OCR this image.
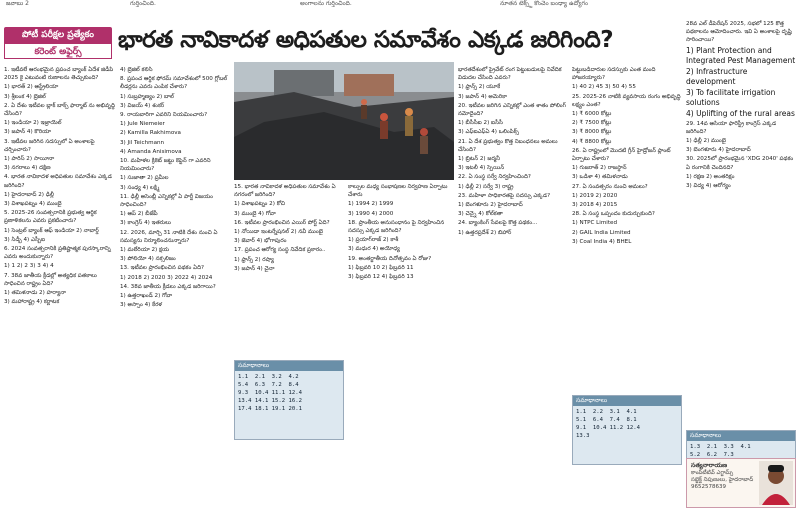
జవాబు 2	గుర్తించింది.	అంగాలను గుర్తించింది.	నూతన టెక్స్ట్ కొంచెం బంధ్యా ఉద్యోగం
పోటీ పరీక్షల ప్రత్యేకం
కరెంట్ అఫైర్స్	భారత నావికాదళ అధిపతుల సమావేశం ఎక్కడ జరిగింది?

1. ఇటీవలే ఆరంభమైన ప్రపంచ బ్యాంక్ ఏదేశ జిడీపి 2025 కై ఎటువంటి రుణాలను తెచ్చుకుంది?

1) భారత్ 2) ఆస్ట్రేలియా

3) శ్రీలంక 4) బ్రెజిల్

2. ఏ దేశం ఇటీవల బ్లాక్ బాక్స్ ఫార్మాట్ ను అభివృద్ధి చేసింది?

1) ఇండియా 2) ఇజ్రాయెల్

3) జపాన్ 4) కొరియా

3. ఇటీవల జరిగిన సదస్సులో ఏ అంశాలపై చర్చించారు?

1) పారిస్ 2) సాయీనా

3) నగరాలు 4) దక్షిణ

4. భారత నావికాదళ అధిపతుల సమావేశం ఎక్కడ జరిగింది?

1) హైదరాబాద్ 2) ఢిల్లీ

3) విశాఖపట్నం 4) ముంబై

5. 2025-26 సంవత్సరానికి ప్రభుత్వ ఆర్థిక ప్రణాళికలను ఎవరు ప్రకటించారు?

1) సెంట్రల్ బ్యాంక్ ఆఫ్ ఇండియా 2) నాబార్డ్

3) సిడ్బీ 4) ఎస్బీఐ

6. 2024 సంవత్సరానికి ప్రతిష్టాత్మక పురస్కారాన్ని ఎవరు అందుకున్నారు?

1) 1 2) 2 3) 3 4) 4

7. 38వ జాతీయ క్రీడల్లో అత్యధిక పతకాలు సాధించిన రాష్ట్రం ఏది?

1) తమిళనాడు 2) హర్యానా

3) మహారాష్ట్ర 4) కర్ణాటక

4) బ్రెజిల్ కలిసి

8. ప్రపంచ ఆర్థిక ఫోరమ్ సమావేశంలో 500 గ్లోబల్ లీడర్లను ఎవరు ఎంపిక చేశారు?

1) సుబ్రహ్మణ్యం 2) బాల్

3) విజయ్ 4) శంకర్

9. రాయబారిగా ఎవరిని నియమించారు?

1) Jule Niemeier

2) Kamilla Rakhimova

3) Jil Teichmann

4) Amanda Anisimova

10. మహిళల క్రికెట్ జట్టు కెప్టెన్ గా ఎవరిని నియమించారు?

1) సుజాతా 2) ప్రమీల

3) సంధ్య 4) లక్ష్మి

11. ఢిల్లీ అసెంబ్లీ ఎన్నికల్లో ఏ పార్టీ విజయం సాధించింది?

1) ఆప్ 2) బీజేపీ

3) కాంగ్రెస్ 4) ఇతరులు

12. 2026, మార్చి 31 నాటికి దేశం నుంచి ఏ సమస్యను నిర్మూలించనున్నారు?

1) మలేరియా 2) క్షయ

3) పోలియో 4) నక్సలిజం

13. ఇటీవల ప్రారంభించిన పథకం ఏది?

1) 2018 2) 2020 3) 2022 4) 2024

14. 38వ జాతీయ క్రీడలు ఎక్కడ జరిగాయి?

1) ఉత్తరాఖండ్ 2) గోవా

3) అస్సాం 4) కేరళ

15. భారత నావికాదళ అధిపతుల సమావేశం ఏ నగరంలో జరిగింది?

1) విశాఖపట్నం 2) కోచి

3) ముంబై 4) గోవా

16. ఇటీవల ప్రారంభించిన ఎయిర్ పోర్ట్ ఏది?

1) నోయిడా ఇంటర్నేషనల్ 2) నవీ ముంబై

3) జెవార్ 4) భోగాపురం

17. ప్రపంచ ఆరోగ్య సంస్థ నివేదిక ప్రకారం..

1) ఫ్రాన్స్ 2) రష్యా

3) జపాన్ 4) చైనా

కాల్పుల మధ్య సంభాషణల నిర్వహణ ఏర్పాటు చేశారు

1) 1994 2) 1999

3) 1990 4) 2000

18. ప్రాంతీయ అనుసంధానం పై నిర్వహించిన సదస్సు ఎక్కడ జరిగింది?

1) ప్రయాగ్‌రాజ్ 2) కాశీ

3) మధుర 4) అయోధ్య

19. అంతర్జాతీయ దినోత్సవం ఏ రోజు?

1) ఫిబ్రవరి 10 2) ఫిబ్రవరి 11

3) ఫిబ్రవరి 12 4) ఫిబ్రవరి 13

భారతదేశంలో ప్రైవేట్ రంగ పెట్టుబడులపై నివేదిక విడుదల చేసింది ఎవరు?

1) ఫ్రాన్స్ 2) యూకే

3) జపాన్ 4) అమెరికా

20. ఇటీవల జరిగిన ఎన్నికల్లో ఎంత శాతం పోలింగ్ నమోదైంది?

1) బీసీసీఐ 2) ఐసీసీ

3) ఎఫ్ఐఎఫ్ఏ 4) ఒలింపిక్స్

21. ఏ దేశ ప్రభుత్వం కొత్త నిబంధనలు అమలు చేసింది?

1) బ్రిటన్ 2) జర్మనీ

3) ఇటలీ 4) స్పెయిన్

22. ఏ సంస్థ సర్వే నిర్వహించింది?

1) ఢిల్లీ 2) సర్వే 3) రాష్ట్ర

23. మహిళా సాధికారతపై సదస్సు ఎక్కడ?

1) బెంగళూరు 2) హైదరాబాద్

3) చెన్నై 4) కోల్‌కతా

24. బ్యాంకింగ్ సేవలపై కొత్త పథకం...

1) ఉత్తరప్రదేశ్ 2) బిహార్

పెట్టుబడిదారుల సదస్సుకు ఎంత మంది హాజరయ్యారు?

1) 40 2) 45 3) 50 4) 55

25. 2025-26 నాటికి వ్యవసాయ రంగం అభివృద్ధి లక్ష్యం ఎంత?

1) ₹ 6000 కోట్లు

2) ₹ 7500 కోట్లు

3) ₹ 8000 కోట్లు

4) ₹ 8800 కోట్లు

26. ఏ రాష్ట్రంలో మొదటి గ్రీన్ హైడ్రోజన్ ప్లాంట్ ఏర్పాటు చేశారు?

1) గుజరాత్ 2) రాజస్థాన్

3) ఒడిశా 4) తమిళనాడు

27. ఏ సంవత్సరం నుంచి అమలు?

1) 2019 2) 2020

3) 2018 4) 2015

28. ఏ సంస్థ ఒప్పందం కుదుర్చుకుంది?

1) NTPC Limited

2) GAIL India Limited

3) Coal India 4) BHEL

28వ ఎల్ డీపెరేషన్ 2025, సభలో 125 కొత్త పథకాలను ఆమోదించారు. ఇవి ఏ అంశాలపై దృష్టి సారించాయి?

1) Plant Protection and Integrated Pest Management

2) Infrastructure development

3) To facilitate irrigation solutions

4) Uplifting of the rural areas

29. 14వ ఆసియా ఫారెస్ట్రీ కాంగ్రెస్ ఎక్కడ జరిగింది?

1) ఢిల్లీ 2) ముంబై

3) బెంగళూరు 4) హైదరాబాద్

30. 2025లో ప్రారంభమైన 'XDG 2040' పథకం ఏ రంగానికి చెందినది?

1) రక్షణ 2) అంతరిక్షం

3) విద్య 4) ఆరోగ్యం

సమాధానాలు
1.1  2.1  3.2  4.2
5.4  6.3  7.2  8.4
9.3  10.4 11.1 12.4
13.4 14.1 15.2 16.2
17.4 18.1 19.1 20.1
సమాధానాలు
1.1  2.2  3.1  4.1
5.1  6.4  7.4  8.1
9.1  10.4 11.2 12.4
13.3	సమాధానాలు
1.3  2.1  3.3  4.1
5.2  6.2  7.3
సత్యనారాయణ
కాంపిటీటివ్ ఎగ్జామ్స్
సబ్జెక్ట్ నిపుణులు, హైదరాబాద్
9652578639
